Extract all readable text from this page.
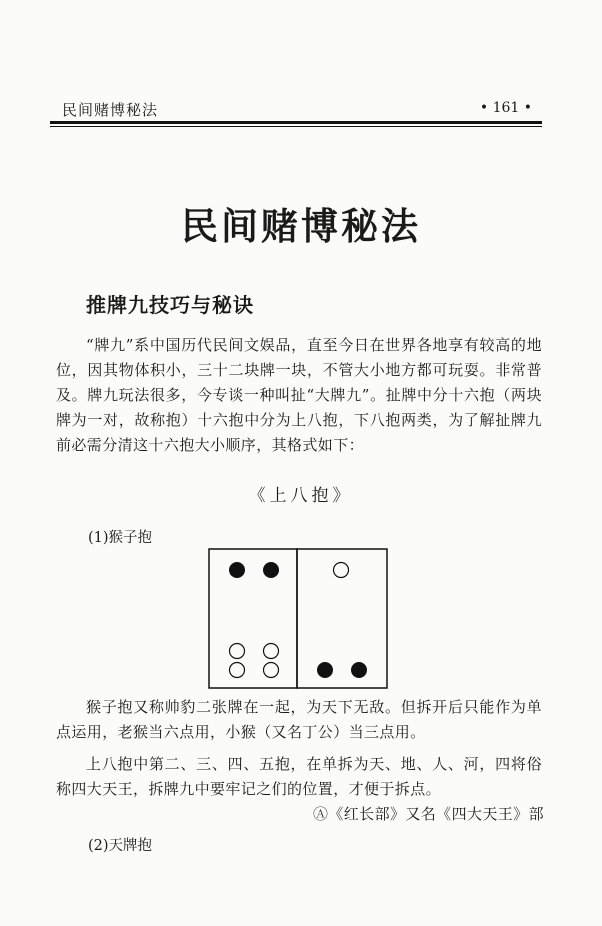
民间赌博秘法	• 161 •
民间赌博秘法
推牌九技巧与秘诀

“牌九”系中国历代民间文娱品，直至今日在世界各地享有较高的地位，因其物体积小，三十二块牌一块，不管大小地方都可玩耍。非常普及。牌九玩法很多，今专谈一种叫扯“大牌九”。扯牌中分十六抱（两块牌为一对，故称抱）十六抱中分为上八抱，下八抱两类，为了解扯牌九前必需分清这十六抱大小顺序，其格式如下：

《上八抱》
(1)猴子抱

猴子抱又称帅豹二张牌在一起，为天下无敌。但拆开后只能作为单点运用，老猴当六点用，小猴（又名丁公）当三点用。

上八抱中第二、三、四、五抱，在单拆为天、地、人、河，四将俗称四大天王，拆牌九中要牢记之们的位置，才便于拆点。

Ⓐ《红长部》又名《四大天王》部
(2)天牌抱
